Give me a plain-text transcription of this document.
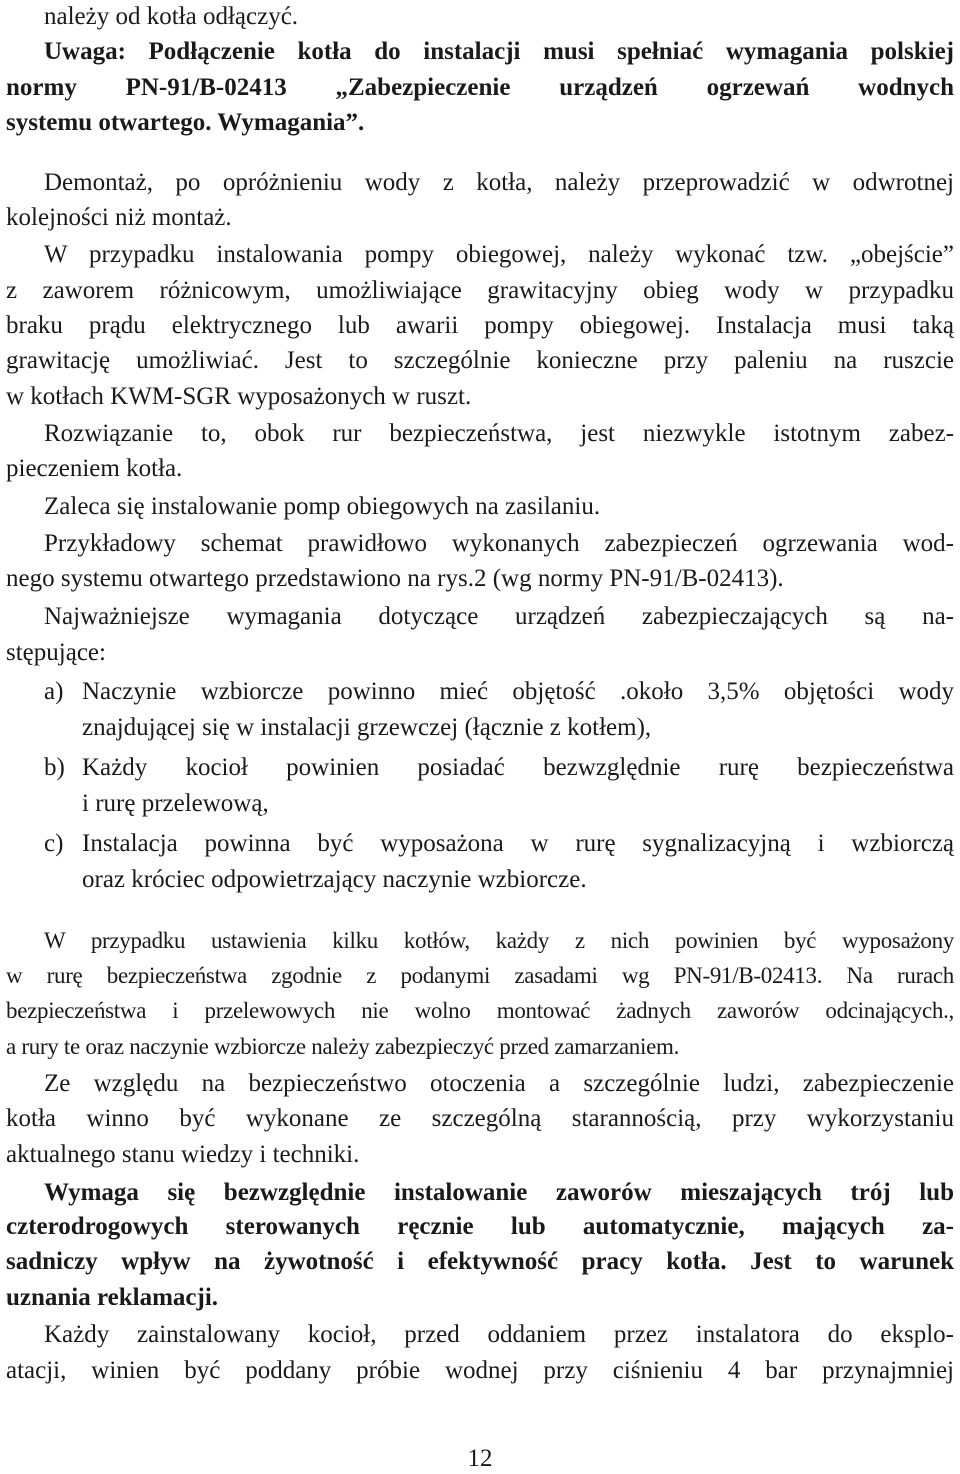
należy od kotła odłączyć.
Uwaga: Podłączenie kotła do instalacji musi spełniać wymagania polskiej
normy PN-91/B-02413 „Zabezpieczenie urządzeń ogrzewań wodnych
systemu otwartego. Wymagania”.
Demontaż, po opróżnieniu wody z kotła, należy przeprowadzić w odwrotnej
kolejności niż montaż.
W przypadku instalowania pompy obiegowej, należy wykonać tzw. „obejście”
z zaworem różnicowym, umożliwiające grawitacyjny obieg wody w przypadku
braku prądu elektrycznego lub awarii pompy obiegowej. Instalacja musi taką
grawitację umożliwiać. Jest to szczególnie konieczne przy paleniu na ruszcie
w kotłach KWM-SGR wyposażonych w ruszt.
Rozwiązanie to, obok rur bezpieczeństwa, jest niezwykle istotnym zabez-
pieczeniem kotła.
Zaleca się instalowanie pomp obiegowych na zasilaniu.
Przykładowy schemat prawidłowo wykonanych zabezpieczeń ogrzewania wod-
nego systemu otwartego przedstawiono na rys.2 (wg normy PN-91/B-02413).
Najważniejsze wymagania dotyczące urządzeń zabezpieczających są na-
stępujące:
a) Naczynie wzbiorcze powinno mieć objętość .około 3,5% objętości wody
znajdującej się w instalacji grzewczej (łącznie z kotłem),
b) Każdy kocioł powinien posiadać bezwzględnie rurę bezpieczeństwa
i rurę przelewową,
c) Instalacja powinna być wyposażona w rurę sygnalizacyjną i wzbiorczą
oraz króciec odpowietrzający naczynie wzbiorcze.
W przypadku ustawienia kilku kotłów, każdy z nich powinien być wyposażony
w rurę bezpieczeństwa zgodnie z podanymi zasadami wg PN-91/B-02413. Na rurach
bezpieczeństwa i przelewowych nie wolno montować żadnych zaworów odcinających.,
a rury te oraz naczynie wzbiorcze należy zabezpieczyć przed zamarzaniem.
Ze względu na bezpieczeństwo otoczenia a szczególnie ludzi, zabezpieczenie
kotła winno być wykonane ze szczególną starannością, przy wykorzystaniu
aktualnego stanu wiedzy i techniki.
Wymaga się bezwzględnie instalowanie zaworów mieszających trój lub
czterodrogowych sterowanych ręcznie lub automatycznie, mających za-
sadniczy wpływ na żywotność i efektywność pracy kotła. Jest to warunek
uznania reklamacji.
Każdy zainstalowany kocioł, przed oddaniem przez instalatora do eksplo-
atacji, winien być poddany próbie wodnej przy ciśnieniu 4 bar przynajmniej
12
